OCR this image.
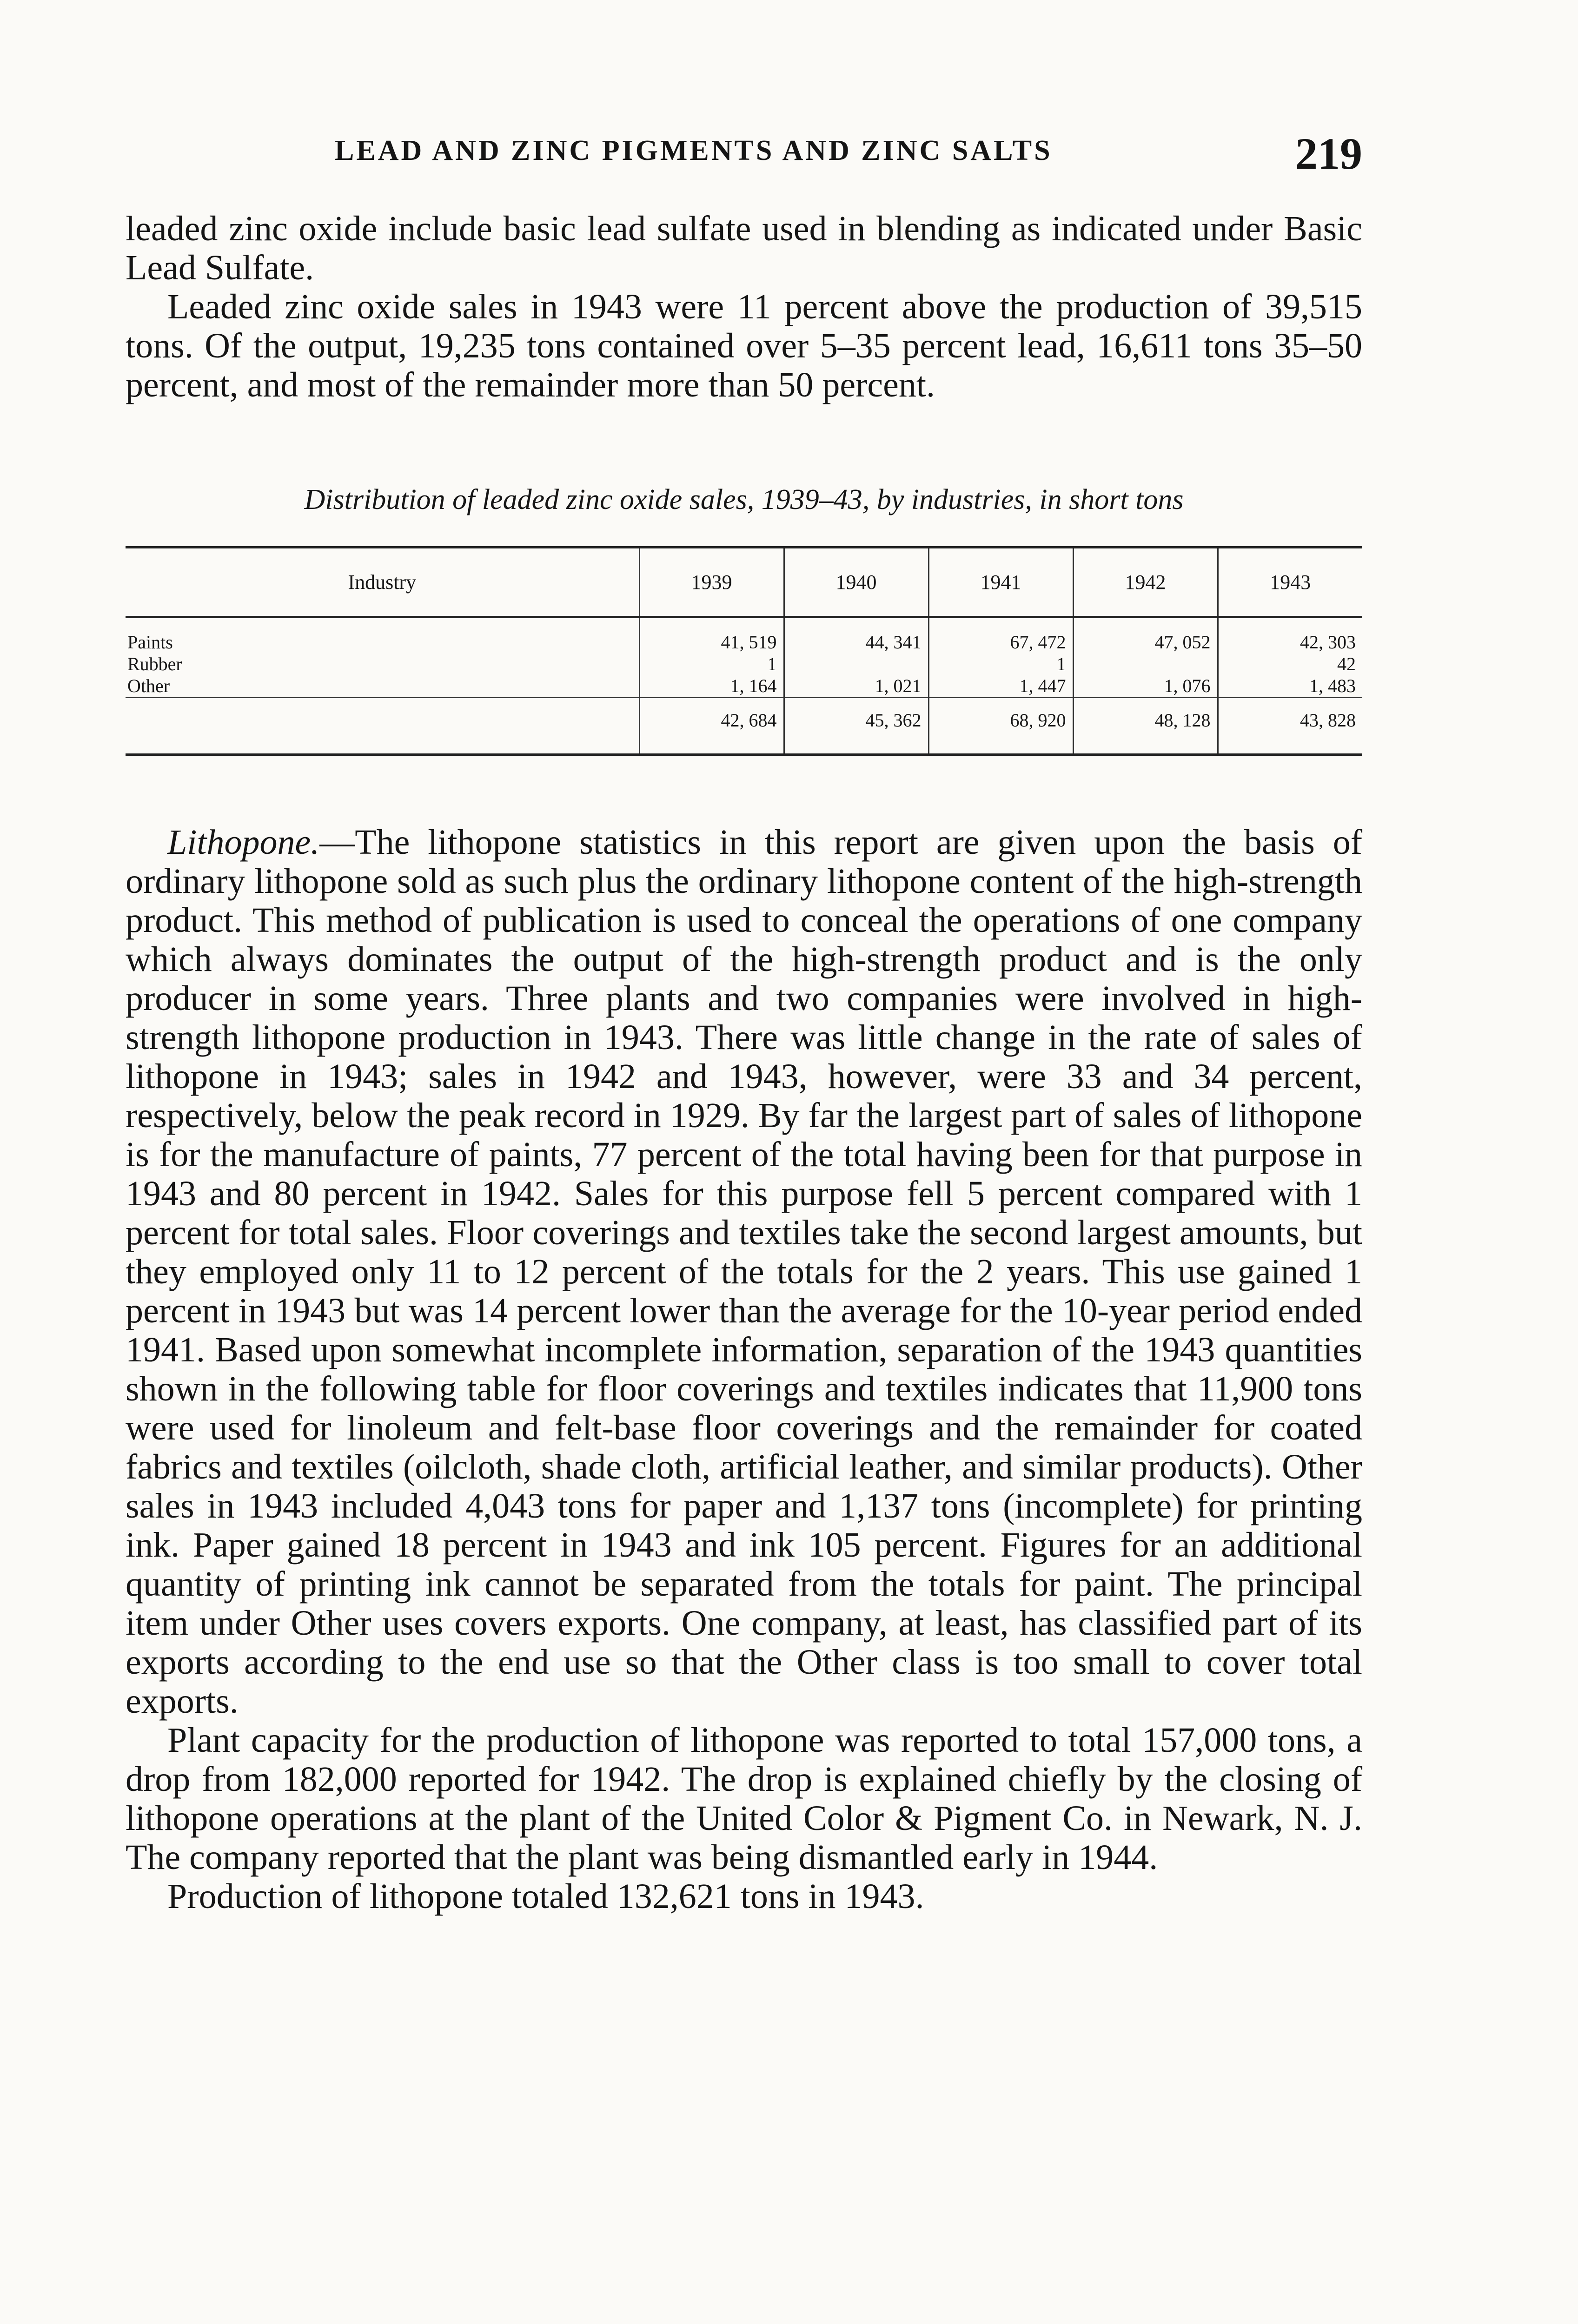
LEAD AND ZINC PIGMENTS AND ZINC SALTS	219

leaded zinc oxide include basic lead sulfate used in blending as indicated under Basic Lead Sulfate.

Leaded zinc oxide sales in 1943 were 11 percent above the production of 39,515 tons. Of the output, 19,235 tons contained over 5–35 percent lead, 16,611 tons 35–50 percent, and most of the remainder more than 50 percent.

Distribution of leaded zinc oxide sales, 1939–43, by industries, in short tons
Industry	1939	1940	1941	1942	1943
Paints	41, 519	44, 341	67, 472	47, 052	42, 303
Rubber	1		1		42
Other	1, 164	1, 021	1, 447	1, 076	1, 483
	42, 684	45, 362	68, 920	48, 128	43, 828

Lithopone.—The lithopone statistics in this report are given upon the basis of ordinary lithopone sold as such plus the ordinary lithopone content of the high-strength product. This method of publication is used to conceal the operations of one company which always dominates the output of the high-strength product and is the only producer in some years. Three plants and two companies were involved in high-strength lithopone production in 1943. There was little change in the rate of sales of lithopone in 1943; sales in 1942 and 1943, however, were 33 and 34 percent, respectively, below the peak record in 1929. By far the largest part of sales of lithopone is for the manufacture of paints, 77 percent of the total having been for that purpose in 1943 and 80 percent in 1942. Sales for this purpose fell 5 percent compared with 1 percent for total sales. Floor coverings and textiles take the second largest amounts, but they employed only 11 to 12 percent of the totals for the 2 years. This use gained 1 percent in 1943 but was 14 percent lower than the average for the 10-year period ended 1941. Based upon somewhat incomplete information, separation of the 1943 quantities shown in the following table for floor coverings and textiles indicates that 11,900 tons were used for linoleum and felt-base floor coverings and the remainder for coated fabrics and textiles (oilcloth, shade cloth, artificial leather, and similar products). Other sales in 1943 included 4,043 tons for paper and 1,137 tons (incomplete) for printing ink. Paper gained 18 percent in 1943 and ink 105 percent. Figures for an additional quantity of printing ink cannot be separated from the totals for paint. The principal item under Other uses covers exports. One company, at least, has classified part of its exports according to the end use so that the Other class is too small to cover total exports.

Plant capacity for the production of lithopone was reported to total 157,000 tons, a drop from 182,000 reported for 1942. The drop is explained chiefly by the closing of lithopone operations at the plant of the United Color & Pigment Co. in Newark, N. J. The company reported that the plant was being dismantled early in 1944.

Production of lithopone totaled 132,621 tons in 1943.
